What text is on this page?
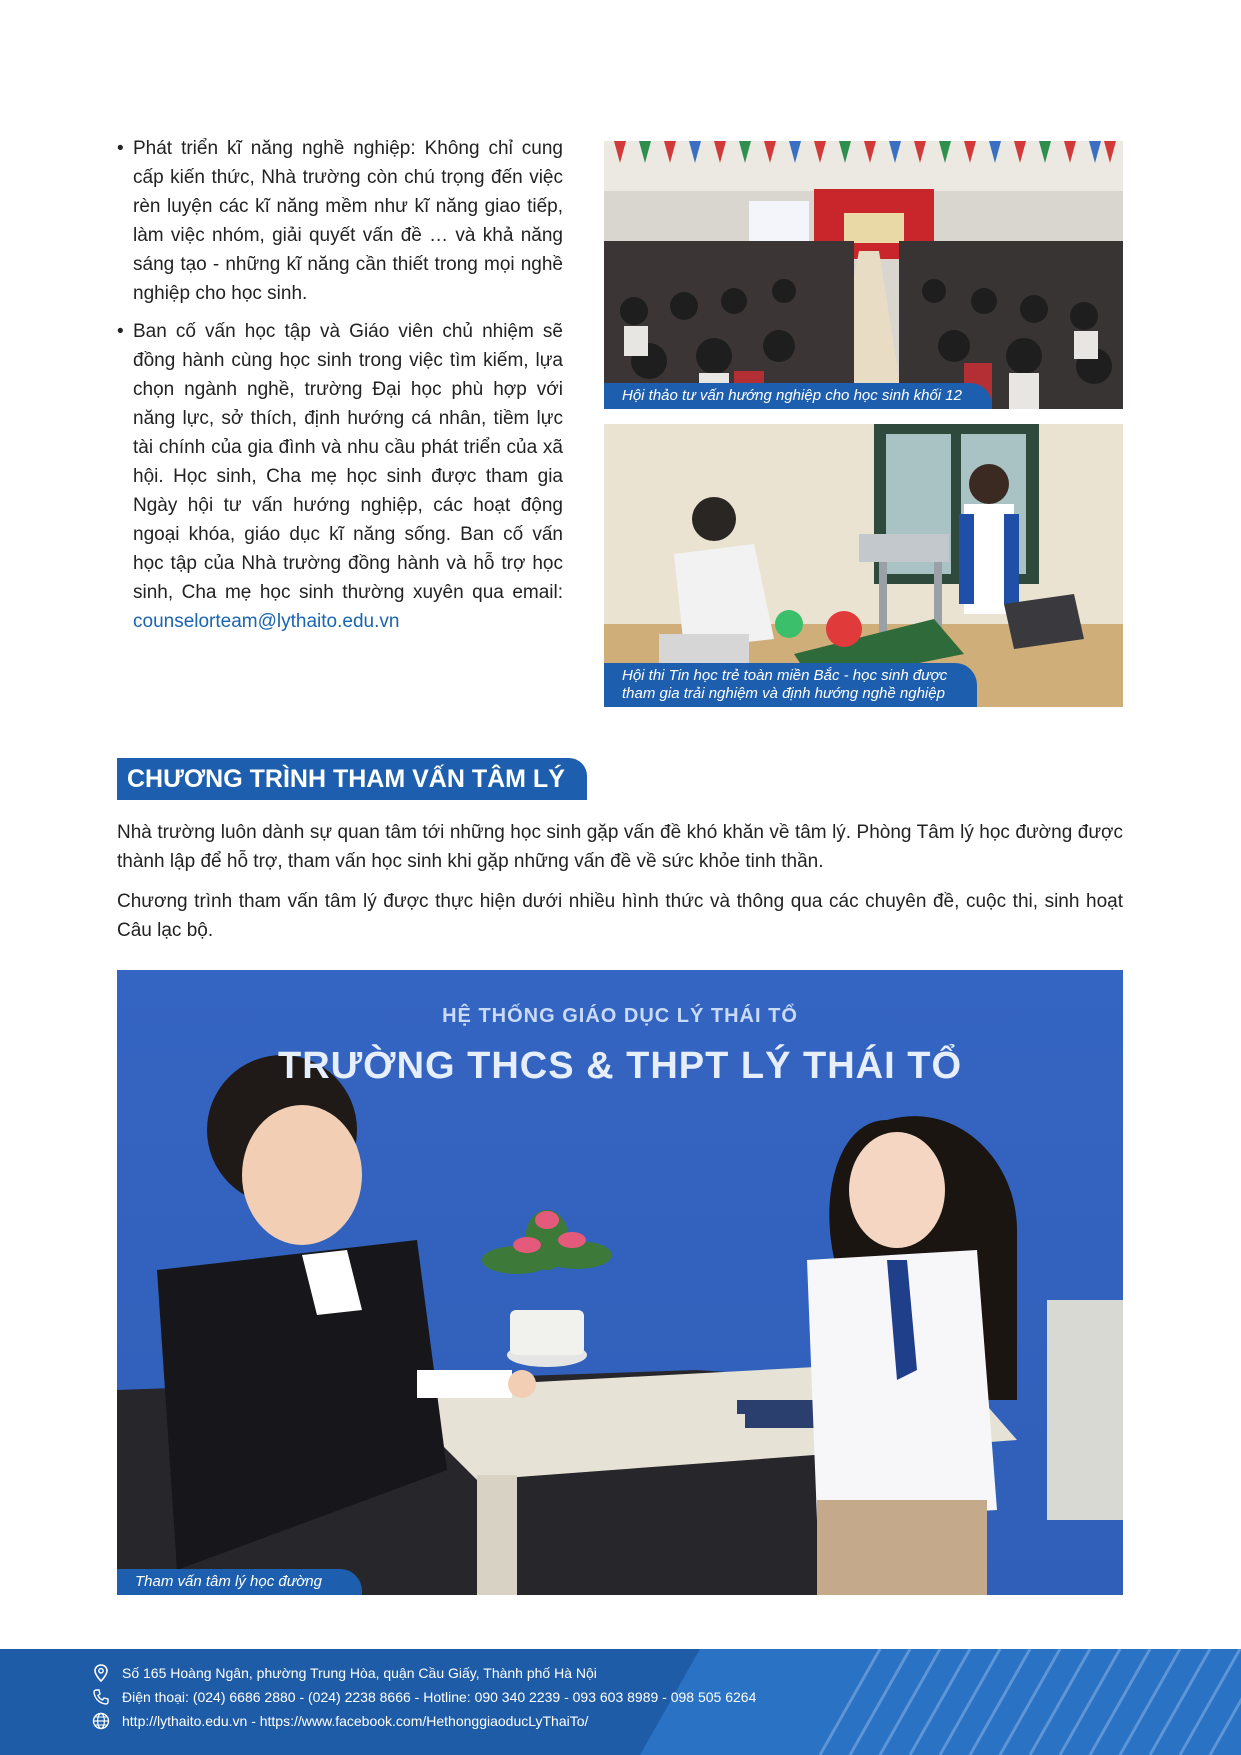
• Phát triển kĩ năng nghề nghiệp: Không chỉ cung cấp kiến thức, Nhà trường còn chú trọng đến việc rèn luyện các kĩ năng mềm như kĩ năng giao tiếp, làm việc nhóm, giải quyết vấn đề … và khả năng sáng tạo - những kĩ năng cần thiết trong mọi nghề nghiệp cho học sinh.
• Ban cố vấn học tập và Giáo viên chủ nhiệm sẽ đồng hành cùng học sinh trong việc tìm kiếm, lựa chọn ngành nghề, trường Đại học phù hợp với năng lực, sở thích, định hướng cá nhân, tiềm lực tài chính của gia đình và nhu cầu phát triển của xã hội. Học sinh, Cha mẹ học sinh được tham gia Ngày hội tư vấn hướng nghiệp, các hoạt động ngoại khóa, giáo dục kĩ năng sống. Ban cố vấn học tập của Nhà trường đồng hành và hỗ trợ học sinh, Cha mẹ học sinh thường xuyên qua email: counselorteam@lythaito.edu.vn
Hội thảo tư vấn hướng nghiệp cho học sinh khối 12
Hội thi Tin học trẻ toàn miền Bắc - học sinh được
tham gia trải nghiệm và định hướng nghề nghiệp
CHƯƠNG TRÌNH THAM VẤN TÂM LÝ

Nhà trường luôn dành sự quan tâm tới những học sinh gặp vấn đề khó khăn về tâm lý. Phòng Tâm lý học đường được thành lập để hỗ trợ, tham vấn học sinh khi gặp những vấn đề về sức khỏe tinh thần.

Chương trình tham vấn tâm lý được thực hiện dưới nhiều hình thức và thông qua các chuyên đề, cuộc thi, sinh hoạt Câu lạc bộ.

HỆ THỐNG GIÁO DỤC LÝ THÁI TỔ
TRƯỜNG THCS & THPT LÝ THÁI TỔ
Tham vấn tâm lý học đường
Số 165 Hoàng Ngân, phường Trung Hòa, quận Cầu Giấy, Thành phố Hà Nội
Điện thoại: (024) 6686 2880 - (024) 2238 8666 - Hotline: 090 340 2239 - 093 603 8989 - 098 505 6264
http://lythaito.edu.vn - https://www.facebook.com/HethonggiaoducLyThaiTo/
